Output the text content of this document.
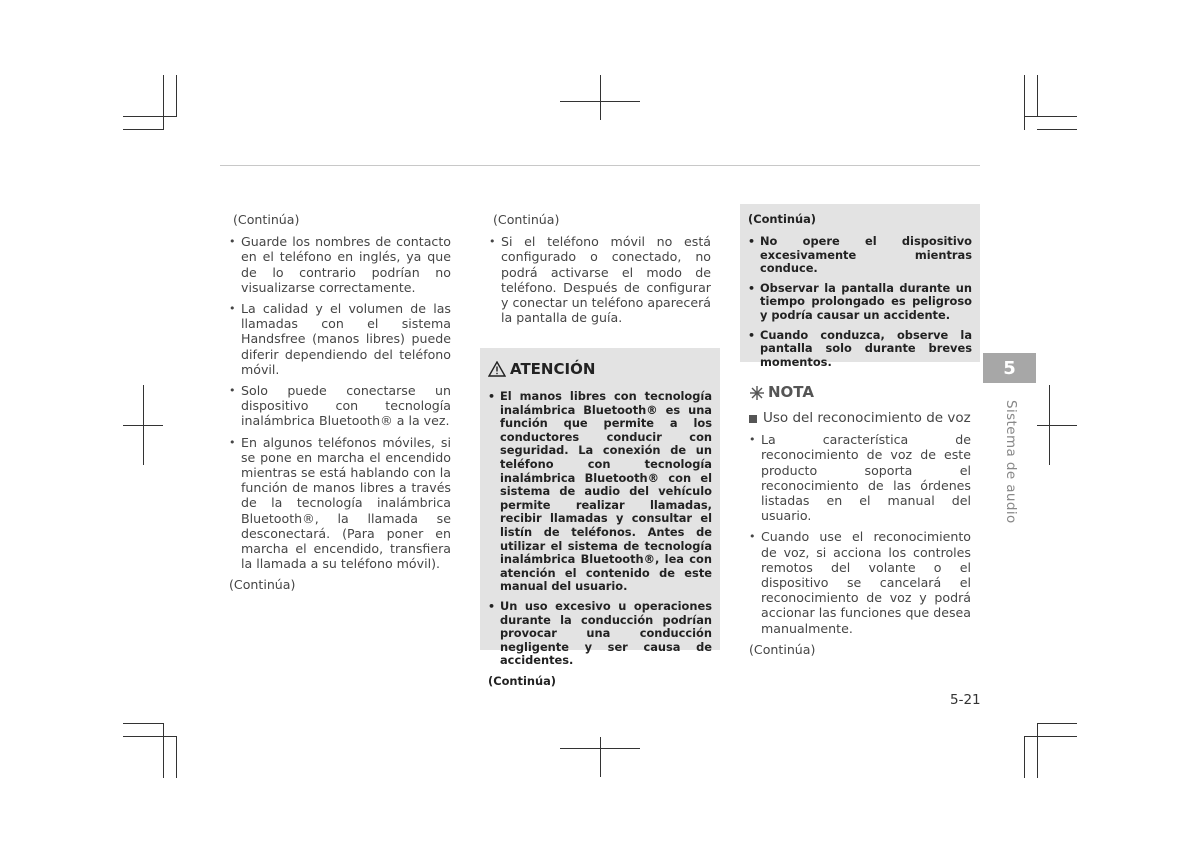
(Continúa)
• Guarde los nombres de contacto en el teléfono en inglés, ya que de lo contrario podrían no visualizarse correctamente.
• La calidad y el volumen de las llamadas con el sistema Handsfree (manos libres) puede diferir dependiendo del teléfono móvil.
• Solo puede conectarse un dispositivo con tecnología inalámbrica Bluetooth® a la vez.
• En algunos teléfonos móviles, si se pone en marcha el encendido mientras se está hablando con la función de manos libres a través de la tecnología inalámbrica Bluetooth®, la llamada se desconectará. (Para poner en marcha el encendido, transfiera la llamada a su teléfono móvil).
(Continúa)
(Continúa)
• Si el teléfono móvil no está configurado o conectado, no podrá activarse el modo de teléfono. Después de configurar y conectar un teléfono aparecerá la pantalla de guía.
ATENCIÓN
• El manos libres con tecnología inalámbrica Bluetooth® es una función que permite a los conductores conducir con seguridad. La conexión de un teléfono con tecnología inalámbrica Bluetooth® con el sistema de audio del vehículo permite realizar llamadas, recibir llamadas y consultar el listín de teléfonos. Antes de utilizar el sistema de tecnología inalámbrica Bluetooth®, lea con atención el contenido de este manual del usuario.
• Un uso excesivo u operaciones durante la conducción podrían provocar una conducción negligente y ser causa de accidentes.
(Continúa)
(Continúa)
• No opere el dispositivo excesivamente mientras conduce.
• Observar la pantalla durante un tiempo prolongado es peligroso y podría causar un accidente.
• Cuando conduzca, observe la pantalla solo durante breves momentos.
NOTA
Uso del reconocimiento de voz
• La característica de reconocimiento de voz de este producto soporta el reconocimiento de las órdenes listadas en el manual del usuario.
• Cuando use el reconocimiento de voz, si acciona los controles remotos del volante o el dispositivo se cancelará el reconocimiento de voz y podrá accionar las funciones que desea manualmente.
(Continúa)
5
Sistema de audio
5-21
